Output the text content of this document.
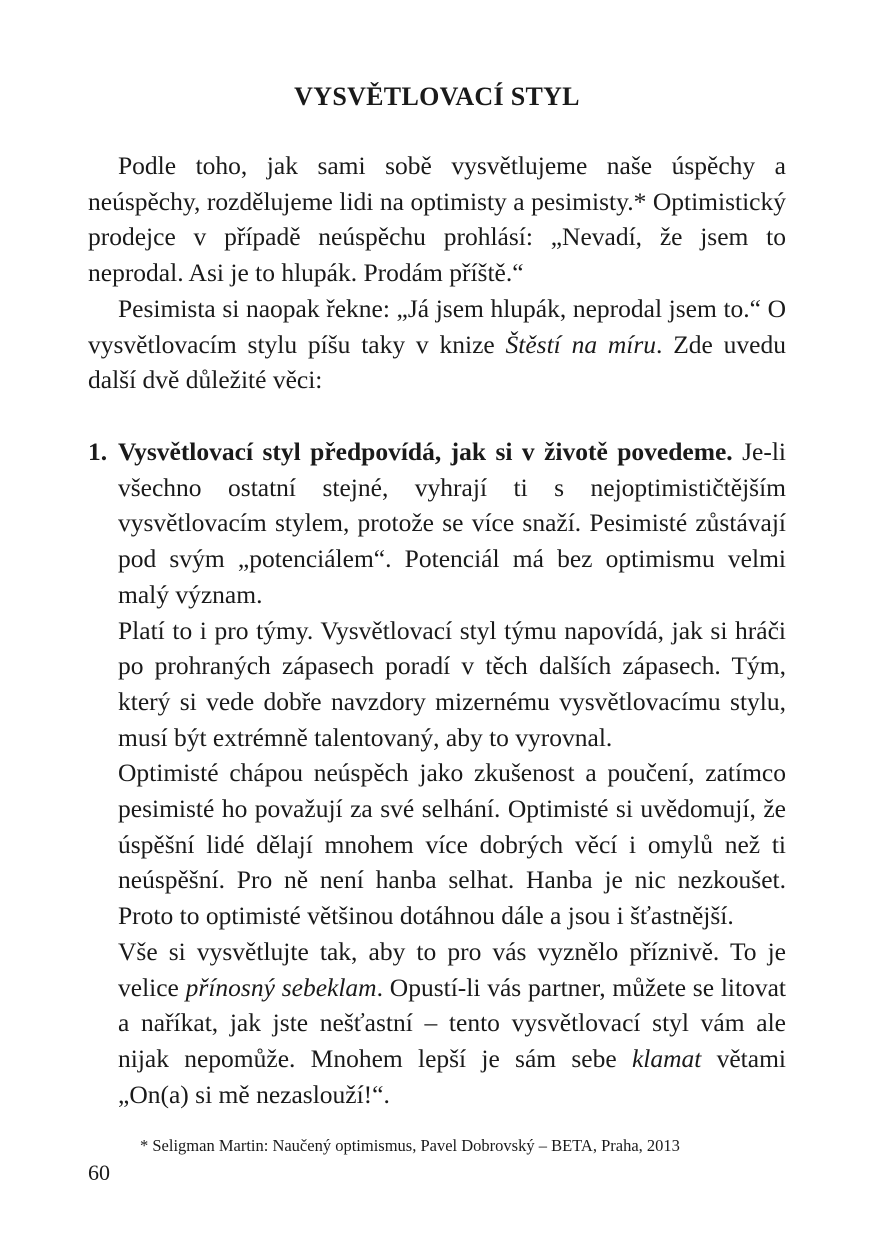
VYSVĚTLOVACÍ STYL

Podle toho, jak sami sobě vysvětlujeme naše úspěchy a neúspěchy, rozdělujeme lidi na optimisty a pesimisty.* Optimistický prodejce v případě neúspěchu prohlásí: „Nevadí, že jsem to neprodal. Asi je to hlupák. Prodám příště.“

Pesimista si naopak řekne: „Já jsem hlupák, neprodal jsem to.“ O vysvětlovacím stylu píšu taky v knize Štěstí na míru. Zde uvedu další dvě důležité věci:

1. Vysvětlovací styl předpovídá, jak si v životě povedeme. Je-li všechno ostatní stejné, vyhrají ti s nejoptimističtějším vysvětlovacím stylem, protože se více snaží. Pesimisté zůstávají pod svým „potenciálem“. Potenciál má bez optimismu velmi malý význam.

Platí to i pro týmy. Vysvětlovací styl týmu napovídá, jak si hráči po prohraných zápasech poradí v těch dalších zápasech. Tým, který si vede dobře navzdory mizernému vysvětlovacímu stylu, musí být extrémně talentovaný, aby to vyrovnal.

Optimisté chápou neúspěch jako zkušenost a poučení, zatímco pesimisté ho považují za své selhání. Optimisté si uvědomují, že úspěšní lidé dělají mnohem více dobrých věcí i omylů než ti neúspěšní. Pro ně není hanba selhat. Hanba je nic nezkoušet. Proto to optimisté většinou dotáhnou dále a jsou i šťastnější.

Vše si vysvětlujte tak, aby to pro vás vyznělo příznivě. To je velice přínosný sebeklam. Opustí-li vás partner, můžete se litovat a naříkat, jak jste nešťastní – tento vysvětlovací styl vám ale nijak nepomůže. Mnohem lepší je sám sebe klamat větami „On(a) si mě nezaslouží!“.

* Seligman Martin: Naučený optimismus, Pavel Dobrovský – BETA, Praha, 2013
60
